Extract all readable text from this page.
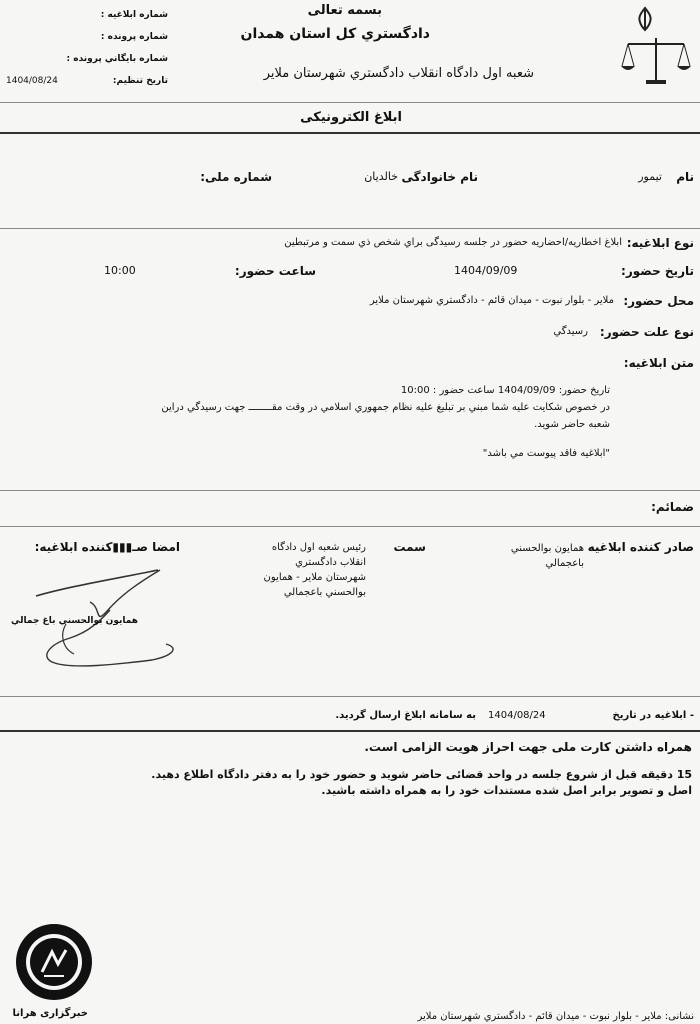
بسمه تعالی
دادگستري کل استان همدان
شعبه اول دادگاه انقلاب دادگستري شهرستان ملاير
شماره ابلاغيه :
شماره پرونده :
شماره بايگاني پرونده :
تاريخ تنظيم:
1404/08/24
ابلاغ الکترونيکی
نام
تيمور
نام خانوادگی
خالديان
شماره ملی:
نوع ابلاغيه:
ابلاغ اخطاريه/احضاريه حضور در جلسه رسيدگی براي شخص ذي سمت و مرتبطين
تاريخ حضور:
1404/09/09
ساعت حضور:
10:00
محل حضور:
ملاير - بلوار نبوت - ميدان قائم - دادگستري شهرستان ملاير
نوع علت حضور:
رسيدگي
متن ابلاغيه:
تاريخ حضور: 1404/09/09 ساعت حضور : 10:00
در خصوص شکايت عليه شما مبني بر تبليغ عليه نظام جمهوري اسلامي در وقت مقــــــــ جهت رسيدگي دراين
شعبه حاضر شويد.
"ابلاغيه فاقد پيوست مي باشد"
ضمائم:
صادر کننده ابلاغيه
همايون بوالحسني باعجمالي
سمت
رئيس شعبه اول دادگاه
انقلاب دادگستري
شهرستان ملاير - همايون
بوالحسني باعجمالي
امضا صـ▮▮▮كننده ابلاغيه:
همايون بوالحسني باغ جمالي
- ابلاغيه در تاريخ
1404/08/24
به سامانه ابلاغ ارسال گرديد.
همراه داشتن کارت ملی جهت احراز هويت الزامی است.
15 دقيقه قبل از شروع جلسه در واحد قضائی حاضر شويد و حضور خود را به دفتر دادگاه اطلاع دهيد.
اصل و تصوير برابر اصل شده مستندات خود را به همراه داشته باشيد.
خبرگزاری هرانا	نشانی: ملاير - بلوار نبوت - ميدان قائم - دادگستري شهرستان ملاير
